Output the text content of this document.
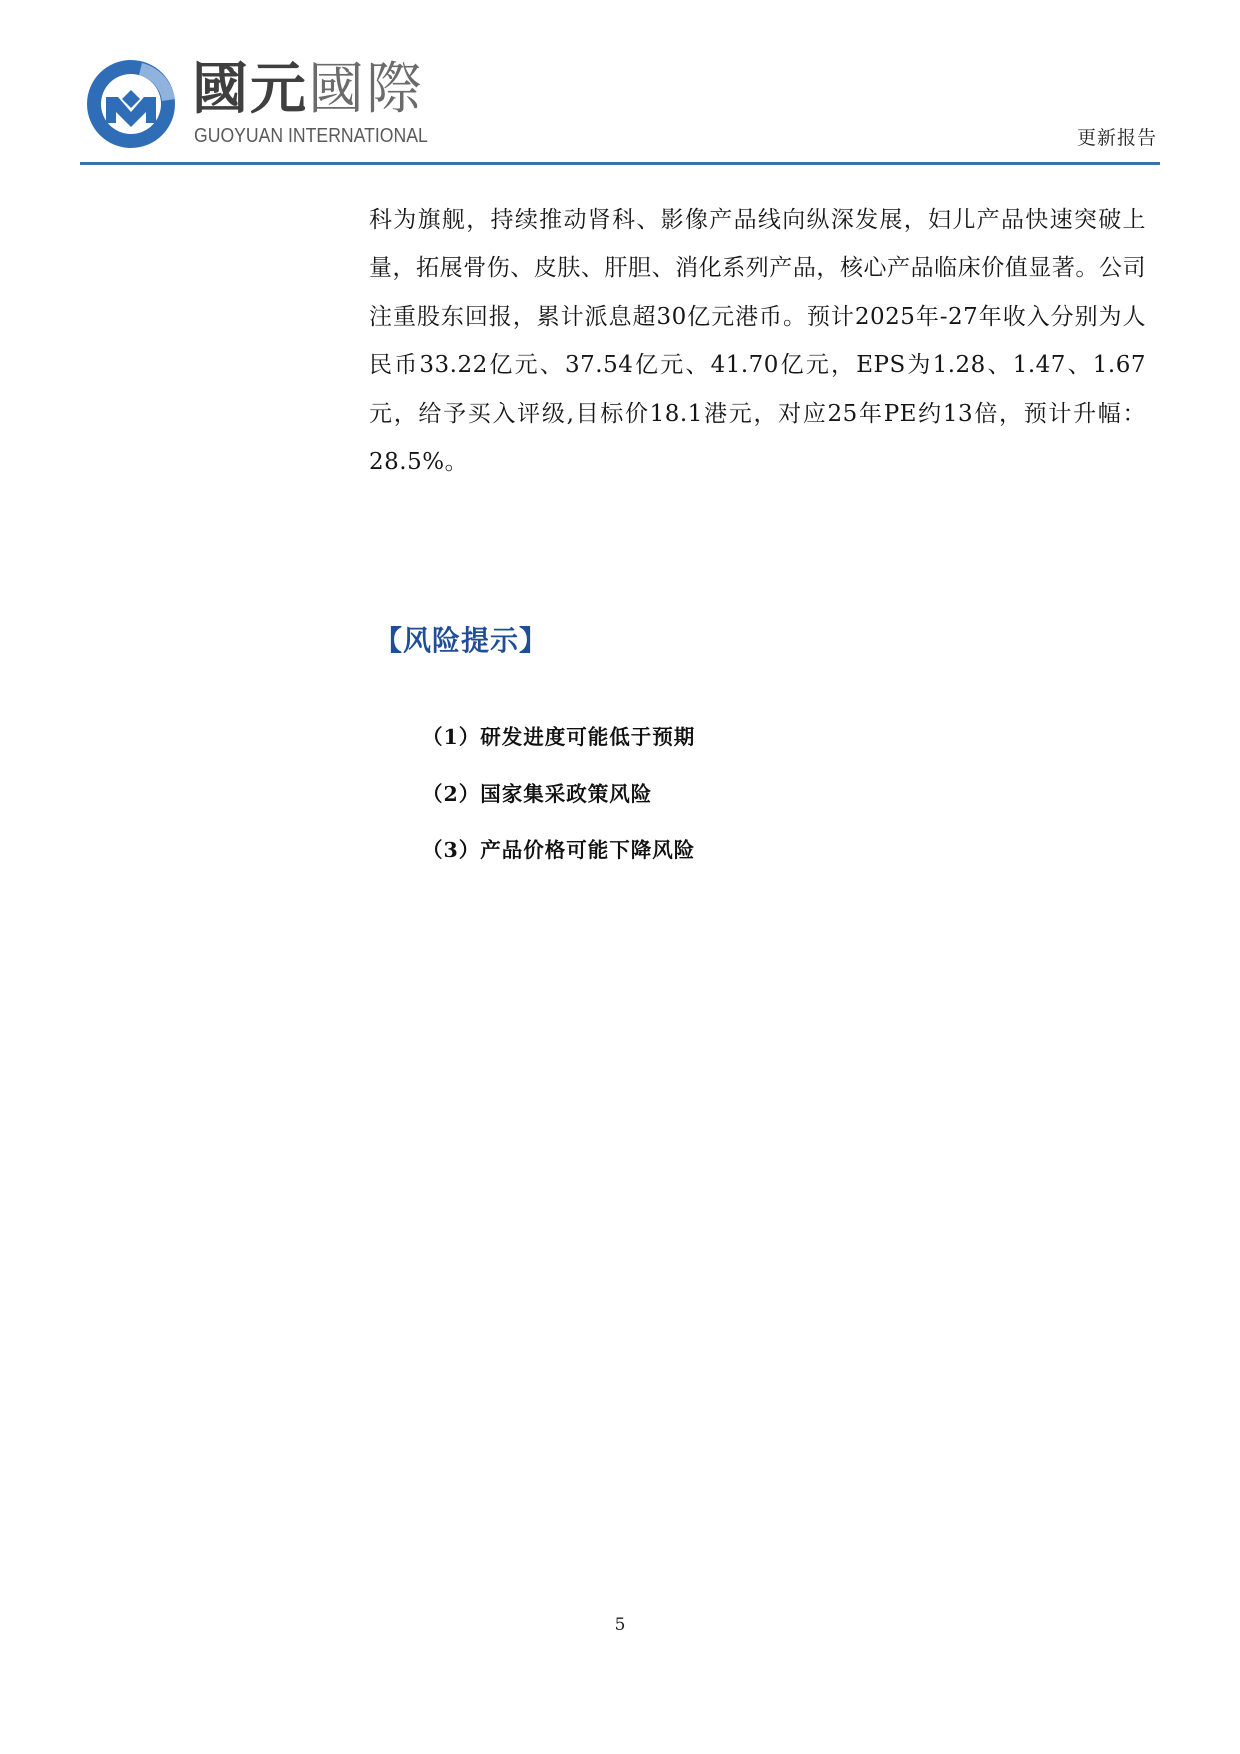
國元國際
GUOYUAN INTERNATIONAL	更新报告
科为旗舰，持续推动肾科、影像产品线向纵深发展，妇儿产品快速突破上量，拓展骨伤、皮肤、肝胆、消化系列产品，核心产品临床价值显著。公司注重股东回报，累计派息超30亿元港币。预计2025年-27年收入分别为人民币33.22亿元、37.54亿元、41.70亿元，EPS为1.28、1.47、1.67元，给予买入评级,目标价18.1港元，对应25年PE约13倍，预计升幅：28.5%。
【风险提示】
（1）研发进度可能低于预期
（2）国家集采政策风险
（3）产品价格可能下降风险
5
